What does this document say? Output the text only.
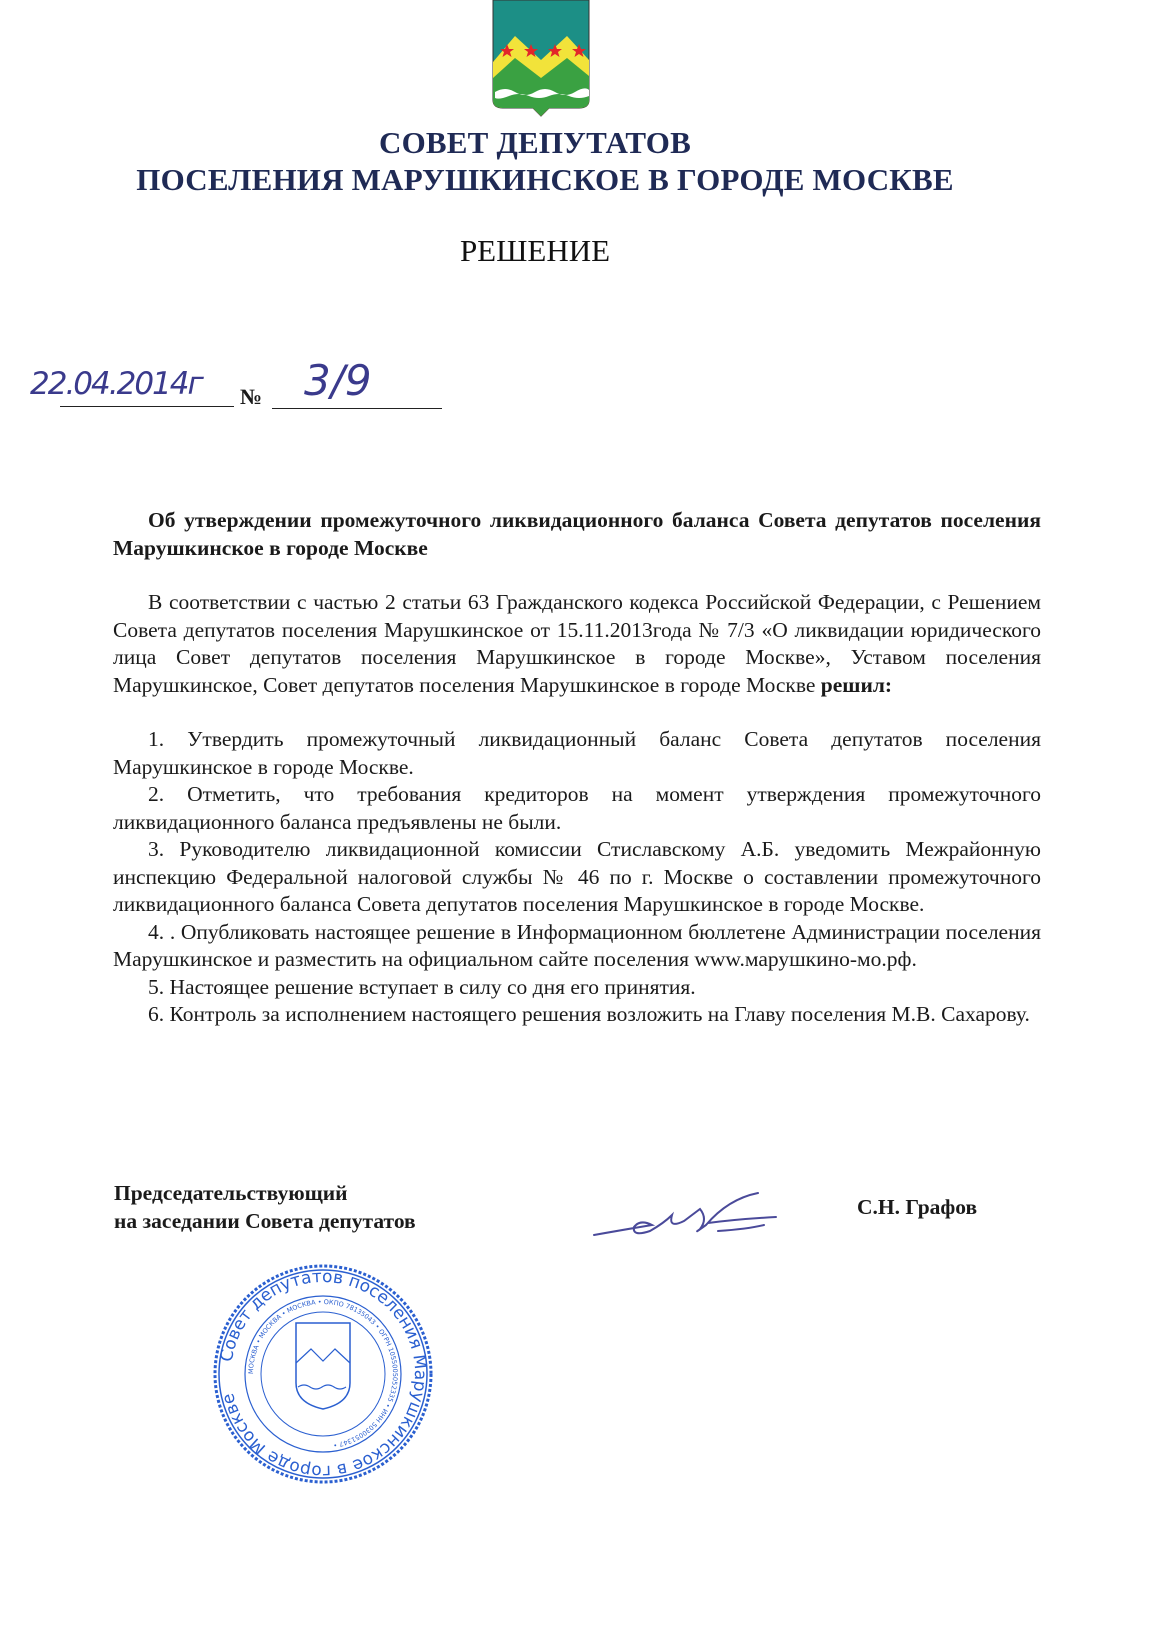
СОВЕТ ДЕПУТАТОВ
ПОСЕЛЕНИЯ МАРУШКИНСКОЕ В ГОРОДЕ МОСКВЕ
РЕШЕНИЕ
22.04.2014г № 3/9

Об утверждении промежуточного ликвидационного баланса Совета депутатов поселения Марушкинское в городе Москве

В соответствии с частью 2 статьи 63 Гражданского кодекса Российской Федерации, с Решением Совета депутатов поселения Марушкинское от 15.11.2013года № 7/3 «О ликвидации юридического лица Совет депутатов поселения Марушкинское в городе Москве», Уставом поселения Марушкинское, Совет депутатов поселения Марушкинское в городе Москве решил:

1. Утвердить промежуточный ликвидационный баланс Совета депутатов поселения Марушкинское в городе Москве.

2. Отметить, что требования кредиторов на момент утверждения промежуточного ликвидационного баланса предъявлены не были.

3. Руководителю ликвидационной комиссии Стиславскому А.Б. уведомить Межрайонную инспекцию Федеральной налоговой службы № 46 по г. Москве о составлении промежуточного ликвидационного баланса Совета депутатов поселения Марушкинское в городе Москве.

4. . Опубликовать настоящее решение в Информационном бюллетене Администрации поселения Марушкинское и разместить на официальном сайте поселения www.марушкино-мо.рф.

5. Настоящее решение вступает в силу со дня его принятия.

6. Контроль за исполнением настоящего решения возложить на Главу поселения М.В. Сахарову.

Председательствующий
на заседании Совета депутатов
С.Н. Графов
Совет депутатов поселения Марушкинское в городе Москве
МОСКВА • МОСКВА • МОСКВА • ОКПО 78135043 • ОГРН 1055005052335 • ИНН 5030051347 •
